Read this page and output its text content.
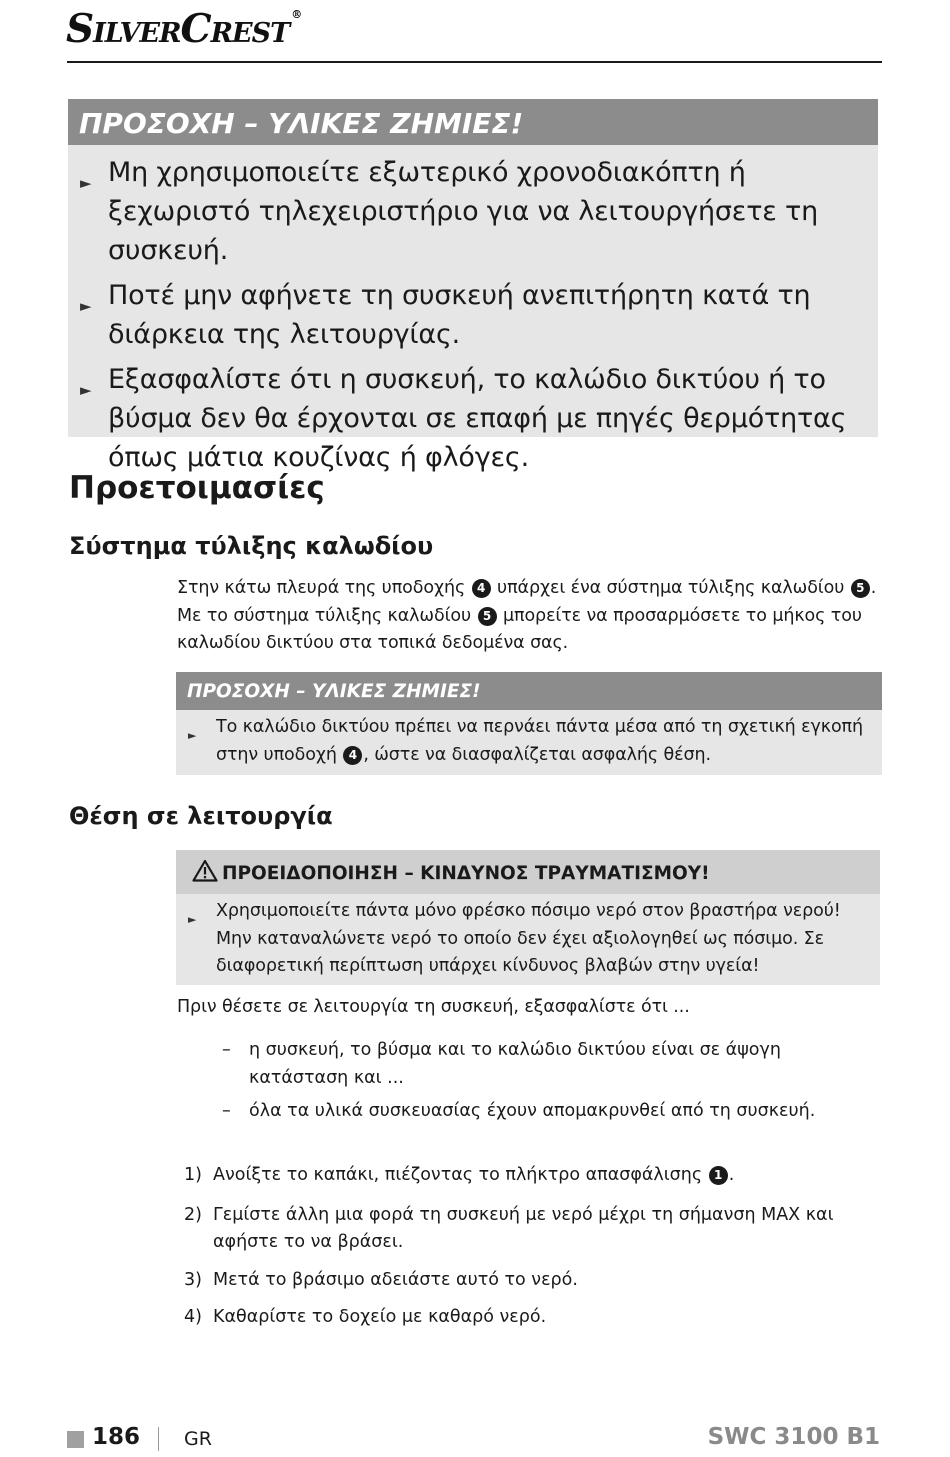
SilverCrest ®
ΠΡΟΣΟΧΗ – ΥΛΙΚΕΣ ΖΗΜΙΕΣ!
► Μη χρησιμοποιείτε εξωτερικό χρονοδιακόπτη ή ξεχωριστό τηλεχειριστήριο για να λειτουργήσετε τη συσκευή.
► Ποτέ μην αφήνετε τη συσκευή ανεπιτήρητη κατά τη διάρκεια της λειτουργίας.
► Εξασφαλίστε ότι η συσκευή, το καλώδιο δικτύου ή το βύσμα δεν θα έρχονται σε επαφή με πηγές θερμότητας όπως μάτια κουζίνας ή φλόγες.
Προετοιμασίες
Σύστημα τύλιξης καλωδίου

Στην κάτω πλευρά της υποδοχής 4 υπάρχει ένα σύστημα τύλιξης καλωδίου 5 . Με το σύστημα τύλιξης καλωδίου 5 μπορείτε να προσαρμόσετε το μήκος του καλωδίου δικτύου στα τοπικά δεδομένα σας.

ΠΡΟΣΟΧΗ – ΥΛΙΚΕΣ ΖΗΜΙΕΣ!
► Το καλώδιο δικτύου πρέπει να περνάει πάντα μέσα από τη σχετική εγκοπή στην υποδοχή 4 , ώστε να διασφαλίζεται ασφαλής θέση.
Θέση σε λειτουργία
ΠΡΟΕΙΔΟΠΟΙΗΣΗ – ΚΙΝΔΥΝΟΣ ΤΡΑΥΜΑΤΙΣΜΟΥ!
► Χρησιμοποιείτε πάντα μόνο φρέσκο πόσιμο νερό στον βραστήρα νερού! Μην καταναλώνετε νερό το οποίο δεν έχει αξιολογηθεί ως πόσιμο. Σε διαφορετική περίπτωση υπάρχει κίνδυνος βλαβών στην υγεία!

Πριν θέσετε σε λειτουργία τη συσκευή, εξασφαλίστε ότι ...

– η συσκευή, το βύσμα και το καλώδιο δικτύου είναι σε άψογη κατάσταση και ...
– όλα τα υλικά συσκευασίας έχουν απομακρυνθεί από τη συσκευή.
1) Ανοίξτε το καπάκι, πιέζοντας το πλήκτρο απασφάλισης 1 .
2) Γεμίστε άλλη μια φορά τη συσκευή με νερό μέχρι τη σήμανση MAX και αφήστε το να βράσει.
3) Μετά το βράσιμο αδειάστε αυτό το νερό.
4) Καθαρίστε το δοχείο με καθαρό νερό.
186 GR	SWC 3100 B1
